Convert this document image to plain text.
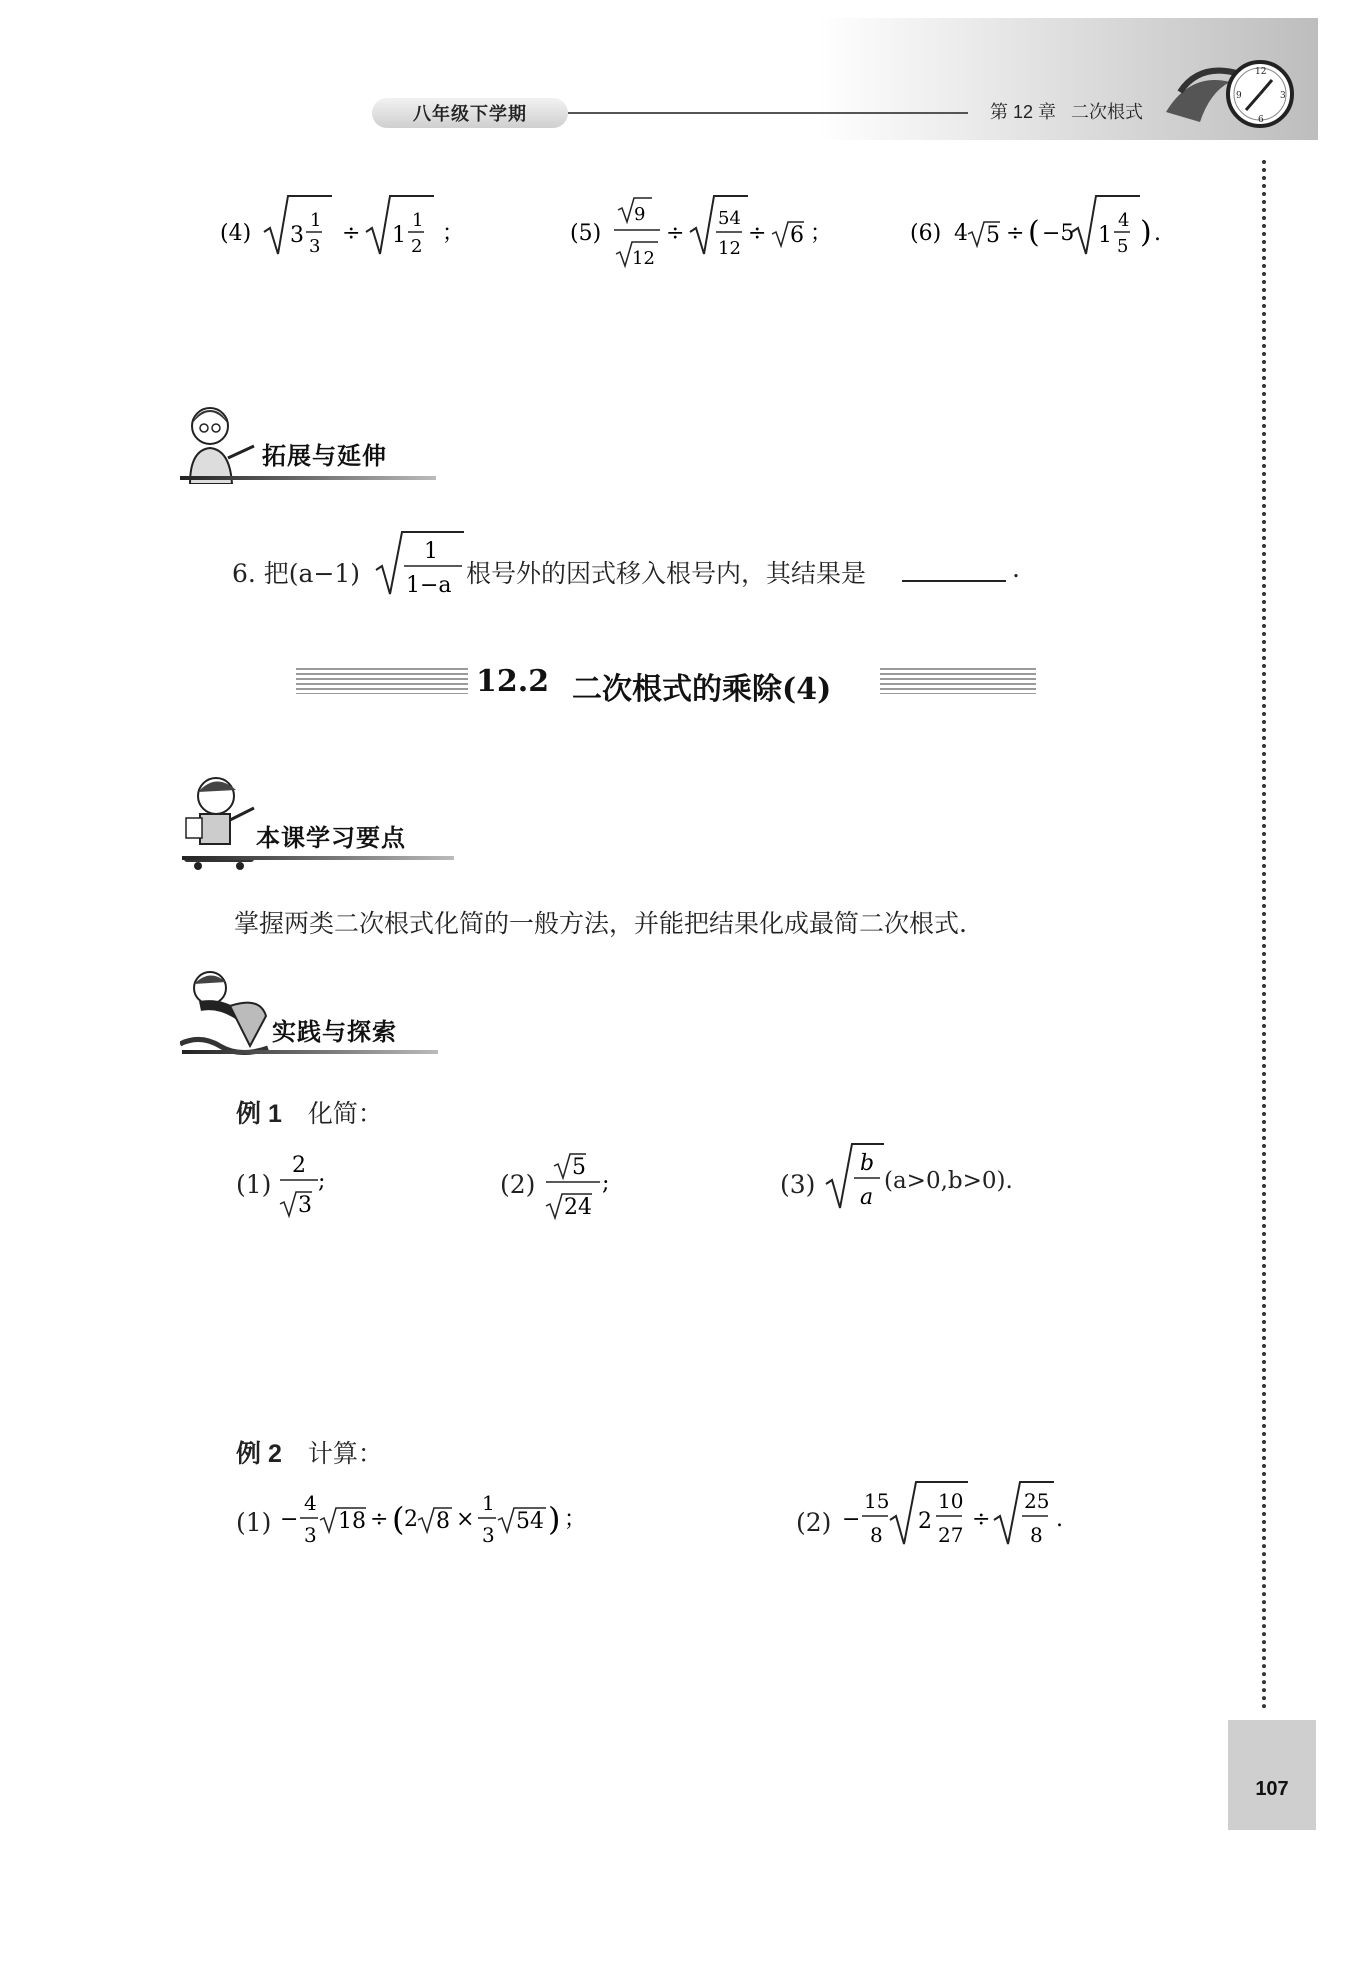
八年级下学期	第 12 章   二次根式
12
3
6
9
107
(4) 3
1
3
÷ 1
1
2
；	(5)
9
12
÷
54
12
÷ 6 ；	(6) 4 5 ÷ ( −5 1
4
5 ) .
拓展与延伸
6. 把(a−1)
1
1−a 根号外的因式移入根号内，其结果是	.
12.2 二次根式的乘除(4)
本课学习要点
掌握两类二次根式化简的一般方法，并能把结果化成最简二次根式.
实践与探索
例 1 化简：
(1)
2
3
;	(2)
5
24
;	(3)
b
a
(a>0,b>0).
例 2 计算：
(1) −
4
3
18 ÷ ( 2 8 ×
1
3
54 ) ；	(2) −
15
8
2
10
27
÷
25
8
.
